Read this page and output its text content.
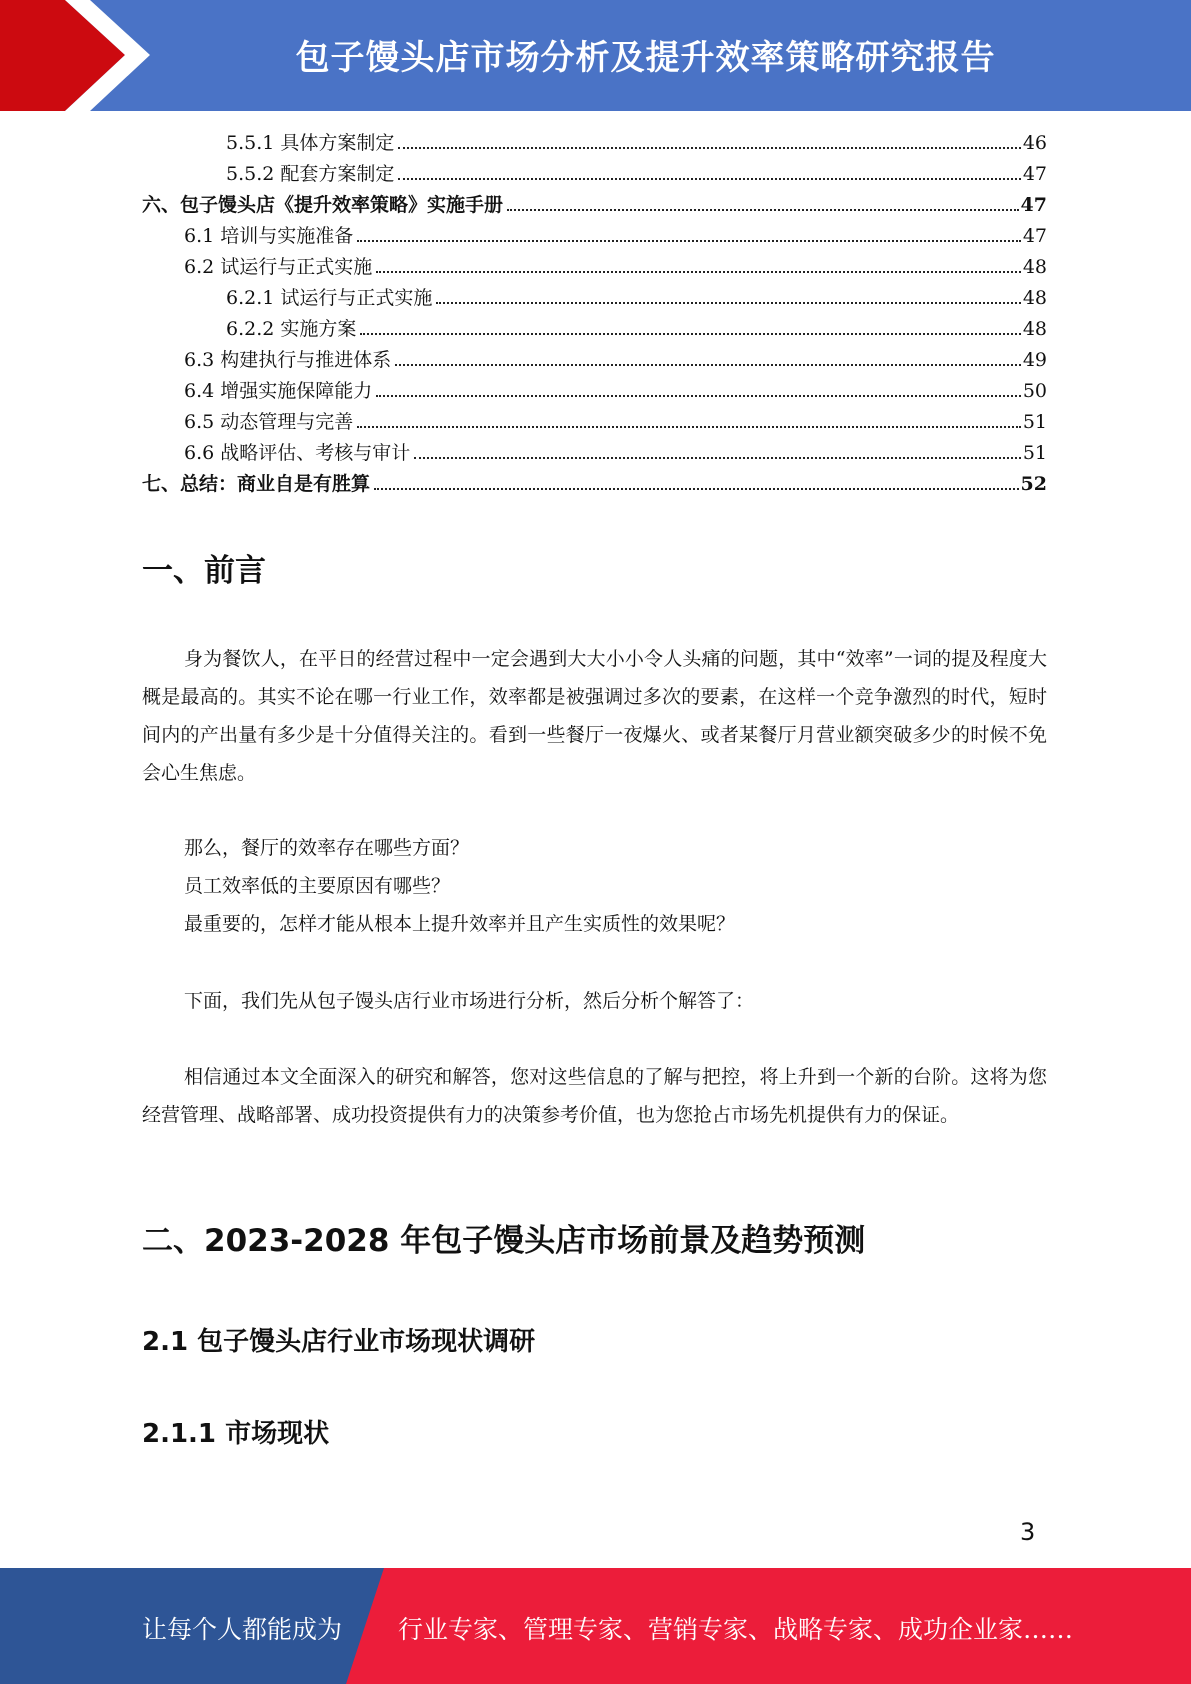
包子馒头店市场分析及提升效率策略研究报告
5.5.1 具体方案制定	46
5.5.2 配套方案制定	47
六、包子馒头店《提升效率策略》实施手册	47
6.1 培训与实施准备	47
6.2 试运行与正式实施	48
6.2.1 试运行与正式实施	48
6.2.2 实施方案	48
6.3 构建执行与推进体系	49
6.4 增强实施保障能力	50
6.5 动态管理与完善	51
6.6 战略评估、考核与审计	51
七、总结：商业自是有胜算	52
一、前言
身为餐饮人，在平日的经营过程中一定会遇到大大小小令人头痛的问题，其中“效率”一词的提及程度大概是最高的。其实不论在哪一行业工作，效率都是被强调过多次的要素，在这样一个竞争激烈的时代，短时间内的产出量有多少是十分值得关注的。看到一些餐厅一夜爆火、或者某餐厅月营业额突破多少的时候不免会心生焦虑。
那么，餐厅的效率存在哪些方面？
员工效率低的主要原因有哪些？
最重要的，怎样才能从根本上提升效率并且产生实质性的效果呢？
下面，我们先从包子馒头店行业市场进行分析，然后分析个解答了：
相信通过本文全面深入的研究和解答，您对这些信息的了解与把控，将上升到一个新的台阶。这将为您经营管理、战略部署、成功投资提供有力的决策参考价值，也为您抢占市场先机提供有力的保证。
二、2023-2028 年包子馒头店市场前景及趋势预测
2.1 包子馒头店行业市场现状调研
2.1.1 市场现状
3
让每个人都能成为 行业专家、管理专家、营销专家、战略专家、成功企业家……
